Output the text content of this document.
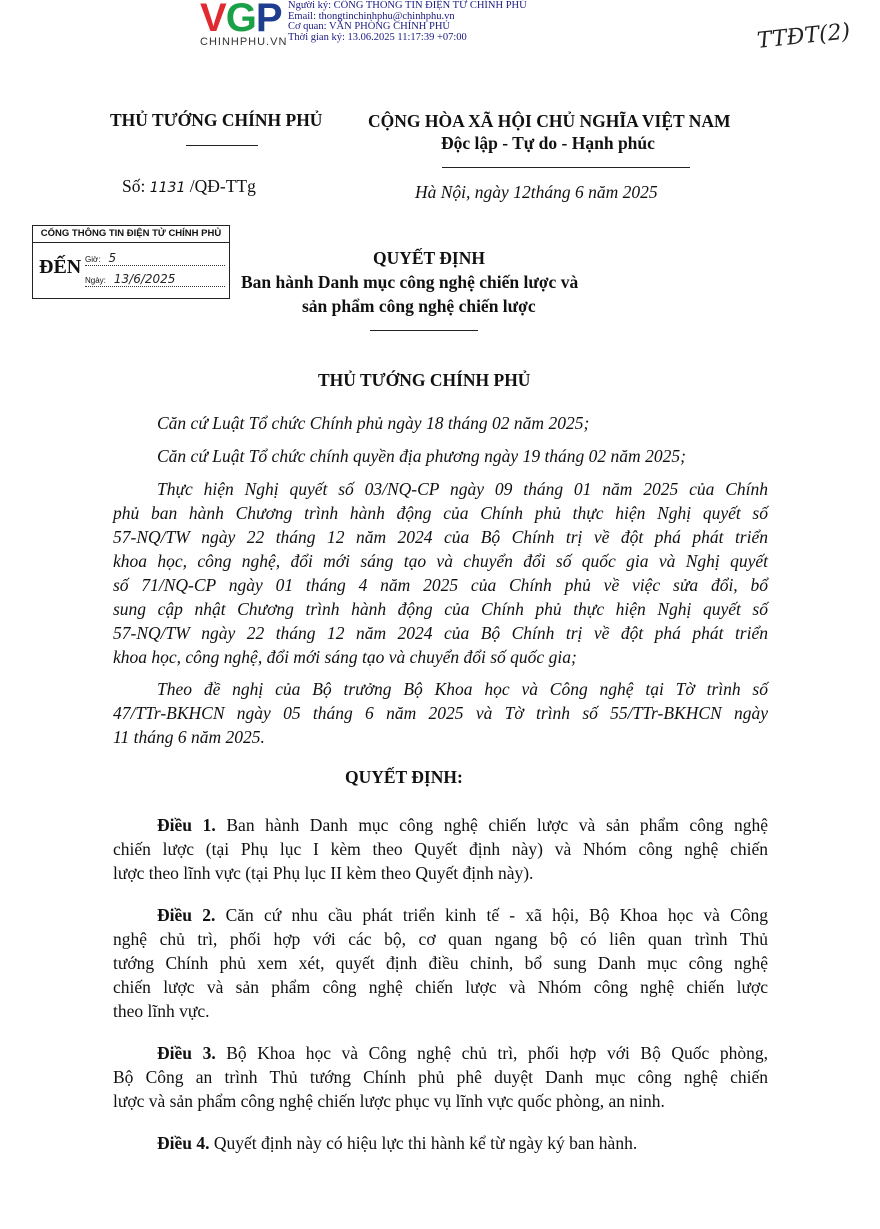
VGP
CHINHPHU.VN
Người ký: CỔNG THÔNG TIN ĐIỆN TỬ CHÍNH PHỦ
Email: thongtinchinhphu@chinhphu.vn
Cơ quan: VĂN PHÒNG CHÍNH PHỦ
Thời gian ký: 13.06.2025 11:17:39 +07:00	TTĐT(2)
THỦ TƯỚNG CHÍNH PHỦ	CỘNG HÒA XÃ HỘI CHỦ NGHĨA VIỆT NAM
Độc lập - Tự do - Hạnh phúc
Số: 1131 /QĐ-TTg	Hà Nội, ngày 12tháng 6 năm 2025
CỔNG THÔNG TIN ĐIỆN TỬ CHÍNH PHỦ
ĐẾN Giờ: 5
Ngày: 13/6/2025
QUYẾT ĐỊNH
Ban hành Danh mục công nghệ chiến lược và
sản phẩm công nghệ chiến lược
THỦ TƯỚNG CHÍNH PHỦ
Căn cứ Luật Tổ chức Chính phủ ngày 18 tháng 02 năm 2025;
Căn cứ Luật Tổ chức chính quyền địa phương ngày 19 tháng 02 năm 2025;
Thực hiện Nghị quyết số 03/NQ-CP ngày 09 tháng 01 năm 2025 của Chính
phủ ban hành Chương trình hành động của Chính phủ thực hiện Nghị quyết số
57-NQ/TW ngày 22 tháng 12 năm 2024 của Bộ Chính trị về đột phá phát triển
khoa học, công nghệ, đổi mới sáng tạo và chuyển đổi số quốc gia và Nghị quyết
số 71/NQ-CP ngày 01 tháng 4 năm 2025 của Chính phủ về việc sửa đổi, bổ
sung cập nhật Chương trình hành động của Chính phủ thực hiện Nghị quyết số
57-NQ/TW ngày 22 tháng 12 năm 2024 của Bộ Chính trị về đột phá phát triển
khoa học, công nghệ, đổi mới sáng tạo và chuyển đổi số quốc gia;
Theo đề nghị của Bộ trưởng Bộ Khoa học và Công nghệ tại Tờ trình số
47/TTr-BKHCN ngày 05 tháng 6 năm 2025 và Tờ trình số 55/TTr-BKHCN ngày
11 tháng 6 năm 2025.
QUYẾT ĐỊNH:
Điều 1. Ban hành Danh mục công nghệ chiến lược và sản phẩm công nghệ
chiến lược (tại Phụ lục I kèm theo Quyết định này) và Nhóm công nghệ chiến
lược theo lĩnh vực (tại Phụ lục II kèm theo Quyết định này).
Điều 2. Căn cứ nhu cầu phát triển kinh tế - xã hội, Bộ Khoa học và Công
nghệ chủ trì, phối hợp với các bộ, cơ quan ngang bộ có liên quan trình Thủ
tướng Chính phủ xem xét, quyết định điều chỉnh, bổ sung Danh mục công nghệ
chiến lược và sản phẩm công nghệ chiến lược và Nhóm công nghệ chiến lược
theo lĩnh vực.
Điều 3. Bộ Khoa học và Công nghệ chủ trì, phối hợp với Bộ Quốc phòng,
Bộ Công an trình Thủ tướng Chính phủ phê duyệt Danh mục công nghệ chiến
lược và sản phẩm công nghệ chiến lược phục vụ lĩnh vực quốc phòng, an ninh.
Điều 4. Quyết định này có hiệu lực thi hành kể từ ngày ký ban hành.
